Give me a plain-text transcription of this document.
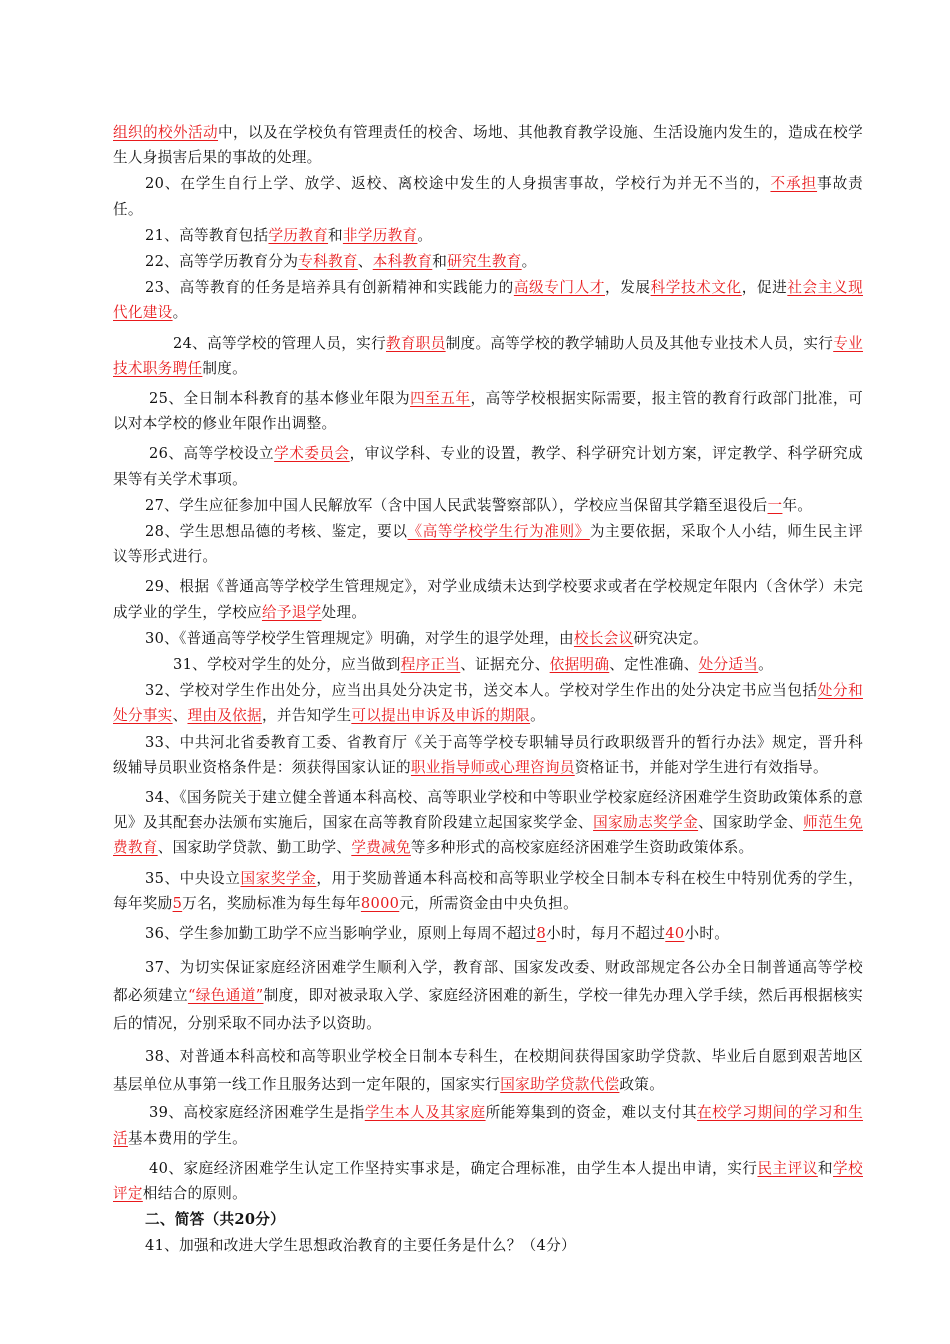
组织的校外活动中，以及在学校负有管理责任的校舍、场地、其他教育教学设施、生活设施内发生的，造成在校学生人身损害后果的事故的处理。

20、在学生自行上学、放学、返校、离校途中发生的人身损害事故，学校行为并无不当的，不承担事故责任。

21、高等教育包括学历教育和非学历教育。

22、高等学历教育分为专科教育、本科教育和研究生教育。

23、高等教育的任务是培养具有创新精神和实践能力的高级专门人才，发展科学技术文化，促进社会主义现代化建设。

24、高等学校的管理人员，实行教育职员制度。高等学校的教学辅助人员及其他专业技术人员，实行专业技术职务聘任制度。

25、全日制本科教育的基本修业年限为四至五年，高等学校根据实际需要，报主管的教育行政部门批准，可以对本学校的修业年限作出调整。

26、高等学校设立学术委员会，审议学科、专业的设置，教学、科学研究计划方案，评定教学、科学研究成果等有关学术事项。

27、学生应征参加中国人民解放军（含中国人民武装警察部队），学校应当保留其学籍至退役后一年。

28、学生思想品德的考核、鉴定，要以《高等学校学生行为准则》为主要依据，采取个人小结，师生民主评议等形式进行。

29、根据《普通高等学校学生管理规定》，对学业成绩未达到学校要求或者在学校规定年限内（含休学）未完成学业的学生，学校应给予退学处理。

30、《普通高等学校学生管理规定》明确，对学生的退学处理，由校长会议研究决定。

31、学校对学生的处分，应当做到程序正当、证据充分、依据明确、定性准确、处分适当。

32、学校对学生作出处分，应当出具处分决定书，送交本人。学校对学生作出的处分决定书应当包括处分和处分事实、理由及依据，并告知学生可以提出申诉及申诉的期限。

33、中共河北省委教育工委、省教育厅《关于高等学校专职辅导员行政职级晋升的暂行办法》规定，晋升科级辅导员职业资格条件是：须获得国家认证的职业指导师或心理咨询员资格证书，并能对学生进行有效指导。

34、《国务院关于建立健全普通本科高校、高等职业学校和中等职业学校家庭经济困难学生资助政策体系的意见》及其配套办法颁布实施后，国家在高等教育阶段建立起国家奖学金、国家励志奖学金、国家助学金、师范生免费教育、国家助学贷款、勤工助学、学费减免等多种形式的高校家庭经济困难学生资助政策体系。

35、中央设立国家奖学金，用于奖励普通本科高校和高等职业学校全日制本专科在校生中特别优秀的学生，每年奖励5万名，奖励标准为每生每年8000元，所需资金由中央负担。

36、学生参加勤工助学不应当影响学业，原则上每周不超过8小时，每月不超过40小时。

37、为切实保证家庭经济困难学生顺利入学，教育部、国家发改委、财政部规定各公办全日制普通高等学校都必须建立“绿色通道”制度，即对被录取入学、家庭经济困难的新生，学校一律先办理入学手续，然后再根据核实后的情况，分别采取不同办法予以资助。

38、对普通本科高校和高等职业学校全日制本专科生，在校期间获得国家助学贷款、毕业后自愿到艰苦地区基层单位从事第一线工作且服务达到一定年限的，国家实行国家助学贷款代偿政策。

39、高校家庭经济困难学生是指学生本人及其家庭所能筹集到的资金，难以支付其在校学习期间的学习和生活基本费用的学生。

40、家庭经济困难学生认定工作坚持实事求是，确定合理标准，由学生本人提出申请，实行民主评议和学校评定相结合的原则。

二、简答（共20分）

41、加强和改进大学生思想政治教育的主要任务是什么？（4分）
